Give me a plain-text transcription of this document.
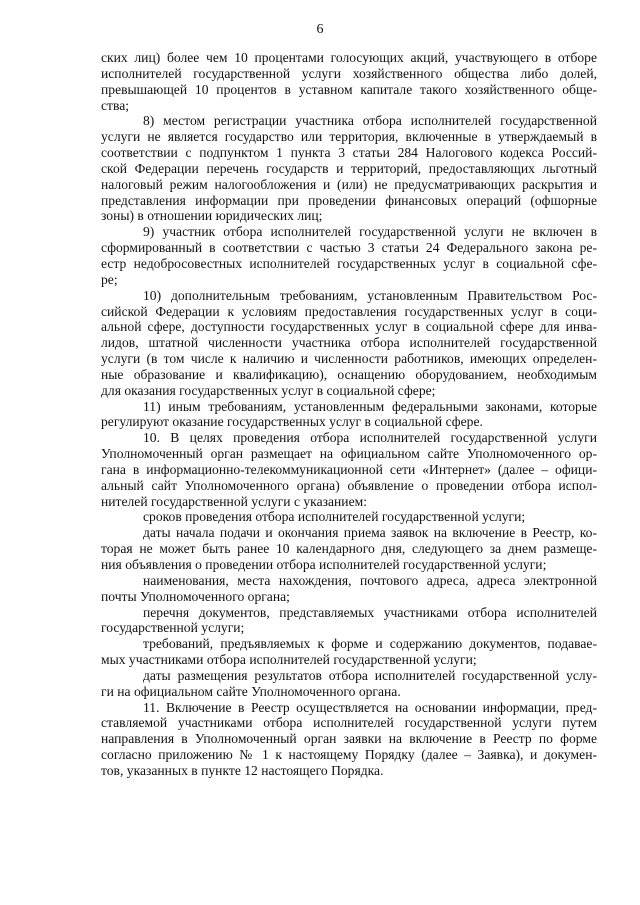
6

ских лиц) более чем 10 процентами голосующих акций, участвующего в отборе
исполнителей государственной услуги хозяйственного общества либо долей,
превышающей 10 процентов в уставном капитале такого хозяйственного обще-
ства;

8) местом регистрации участника отбора исполнителей государственной
услуги не является государство или территория, включенные в утверждаемый в
соответствии с подпунктом 1 пункта 3 статьи 284 Налогового кодекса Россий-
ской Федерации перечень государств и территорий, предоставляющих льготный
налоговый режим налогообложения и (или) не предусматривающих раскрытия и
представления информации при проведении финансовых операций (офшорные
зоны) в отношении юридических лиц;

9) участник отбора исполнителей государственной услуги не включен в
сформированный в соответствии с частью 3 статьи 24 Федерального закона ре-
естр недобросовестных исполнителей государственных услуг в социальной сфе-
ре;

10) дополнительным требованиям, установленным Правительством Рос-
сийской Федерации к условиям предоставления государственных услуг в соци-
альной сфере, доступности государственных услуг в социальной сфере для инва-
лидов, штатной численности участника отбора исполнителей государственной
услуги (в том числе к наличию и численности работников, имеющих определен-
ные образование и квалификацию), оснащению оборудованием, необходимым
для оказания государственных услуг в социальной сфере;

11) иным требованиям, установленным федеральными законами, которые
регулируют оказание государственных услуг в социальной сфере.

10. В целях проведения отбора исполнителей государственной услуги
Уполномоченный орган размещает на официальном сайте Уполномоченного ор-
гана в информационно-телекоммуникационной сети «Интернет» (далее – офици-
альный сайт Уполномоченного органа) объявление о проведении отбора испол-
нителей государственной услуги с указанием:

сроков проведения отбора исполнителей государственной услуги;

даты начала подачи и окончания приема заявок на включение в Реестр, ко-
торая не может быть ранее 10 календарного дня, следующего за днем размеще-
ния объявления о проведении отбора исполнителей государственной услуги;

наименования, места нахождения, почтового адреса, адреса электронной
почты Уполномоченного органа;

перечня документов, представляемых участниками отбора исполнителей
государственной услуги;

требований, предъявляемых к форме и содержанию документов, подавае-
мых участниками отбора исполнителей государственной услуги;

даты размещения результатов отбора исполнителей государственной услу-
ги на официальном сайте Уполномоченного органа.

11. Включение в Реестр осуществляется на основании информации, пред-
ставляемой участниками отбора исполнителей государственной услуги путем
направления в Уполномоченный орган заявки на включение в Реестр по форме
согласно приложению № 1 к настоящему Порядку (далее – Заявка), и докумен-
тов, указанных в пункте 12 настоящего Порядка.
